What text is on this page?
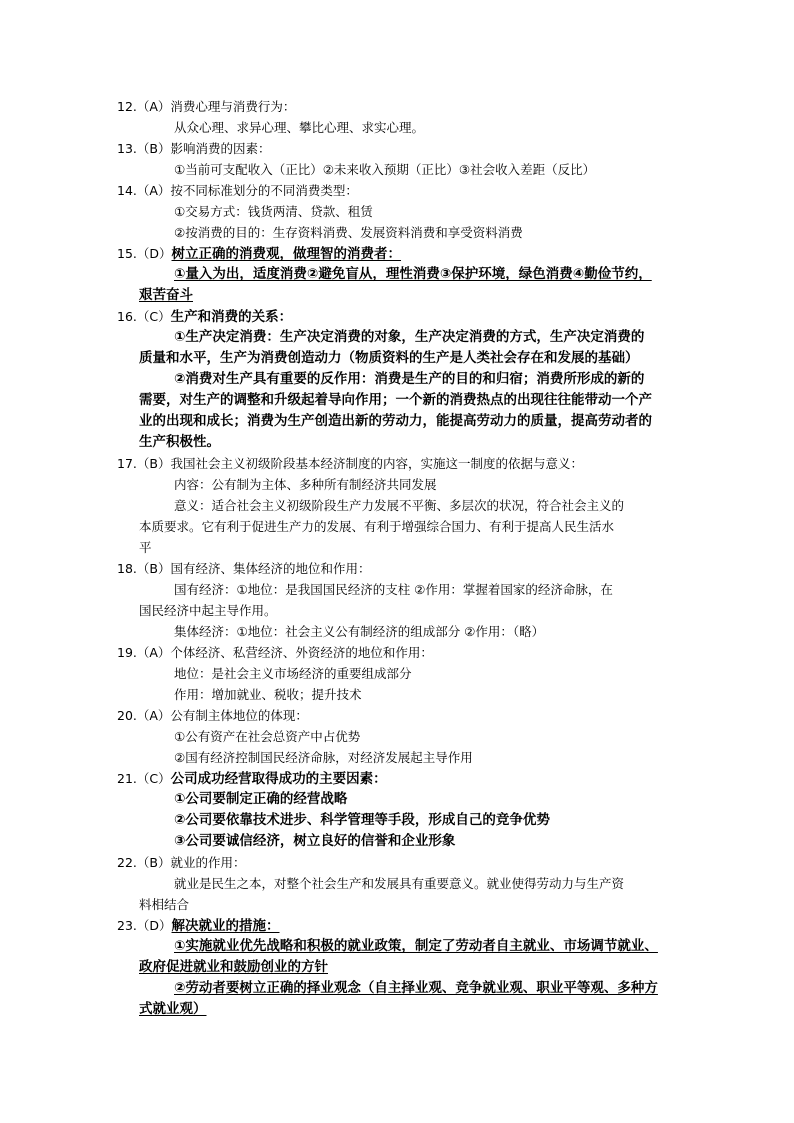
12.（A）消费心理与消费行为：
从众心理、求异心理、攀比心理、求实心理。
13.（B）影响消费的因素：
①当前可支配收入（正比）②未来收入预期（正比）③社会收入差距（反比）
14.（A）按不同标准划分的不同消费类型：
①交易方式：钱货两清、贷款、租赁
②按消费的目的：生存资料消费、发展资料消费和享受资料消费
15.（D）树立正确的消费观，做理智的消费者：
①量入为出，适度消费②避免盲从，理性消费③保护环境，绿色消费④勤俭节约，
艰苦奋斗
16.（C）生产和消费的关系：
①生产决定消费：生产决定消费的对象，生产决定消费的方式，生产决定消费的
质量和水平，生产为消费创造动力（物质资料的生产是人类社会存在和发展的基础）
②消费对生产具有重要的反作用：消费是生产的目的和归宿；消费所形成的新的
需要，对生产的调整和升级起着导向作用；一个新的消费热点的出现往往能带动一个产
业的出现和成长；消费为生产创造出新的劳动力，能提高劳动力的质量，提高劳动者的
生产积极性。
17.（B）我国社会主义初级阶段基本经济制度的内容，实施这一制度的依据与意义：
内容：公有制为主体、多种所有制经济共同发展
意义：适合社会主义初级阶段生产力发展不平衡、多层次的状况，符合社会主义的
本质要求。它有利于促进生产力的发展、有利于增强综合国力、有利于提高人民生活水
平
18.（B）国有经济、集体经济的地位和作用：
国有经济：①地位：是我国国民经济的支柱 ②作用：掌握着国家的经济命脉，在
国民经济中起主导作用。
集体经济：①地位：社会主义公有制经济的组成部分 ②作用：（略）
19.（A）个体经济、私营经济、外资经济的地位和作用：
地位：是社会主义市场经济的重要组成部分
作用：增加就业、税收；提升技术
20.（A）公有制主体地位的体现：
①公有资产在社会总资产中占优势
②国有经济控制国民经济命脉，对经济发展起主导作用
21.（C）公司成功经营取得成功的主要因素：
①公司要制定正确的经营战略
②公司要依靠技术进步、科学管理等手段，形成自己的竞争优势
③公司要诚信经济，树立良好的信誉和企业形象
22.（B）就业的作用：
就业是民生之本，对整个社会生产和发展具有重要意义。就业使得劳动力与生产资
料相结合
23.（D）解决就业的措施：
①实施就业优先战略和积极的就业政策，制定了劳动者自主就业、市场调节就业、
政府促进就业和鼓励创业的方针
②劳动者要树立正确的择业观念（自主择业观、竞争就业观、职业平等观、多种方
式就业观）
